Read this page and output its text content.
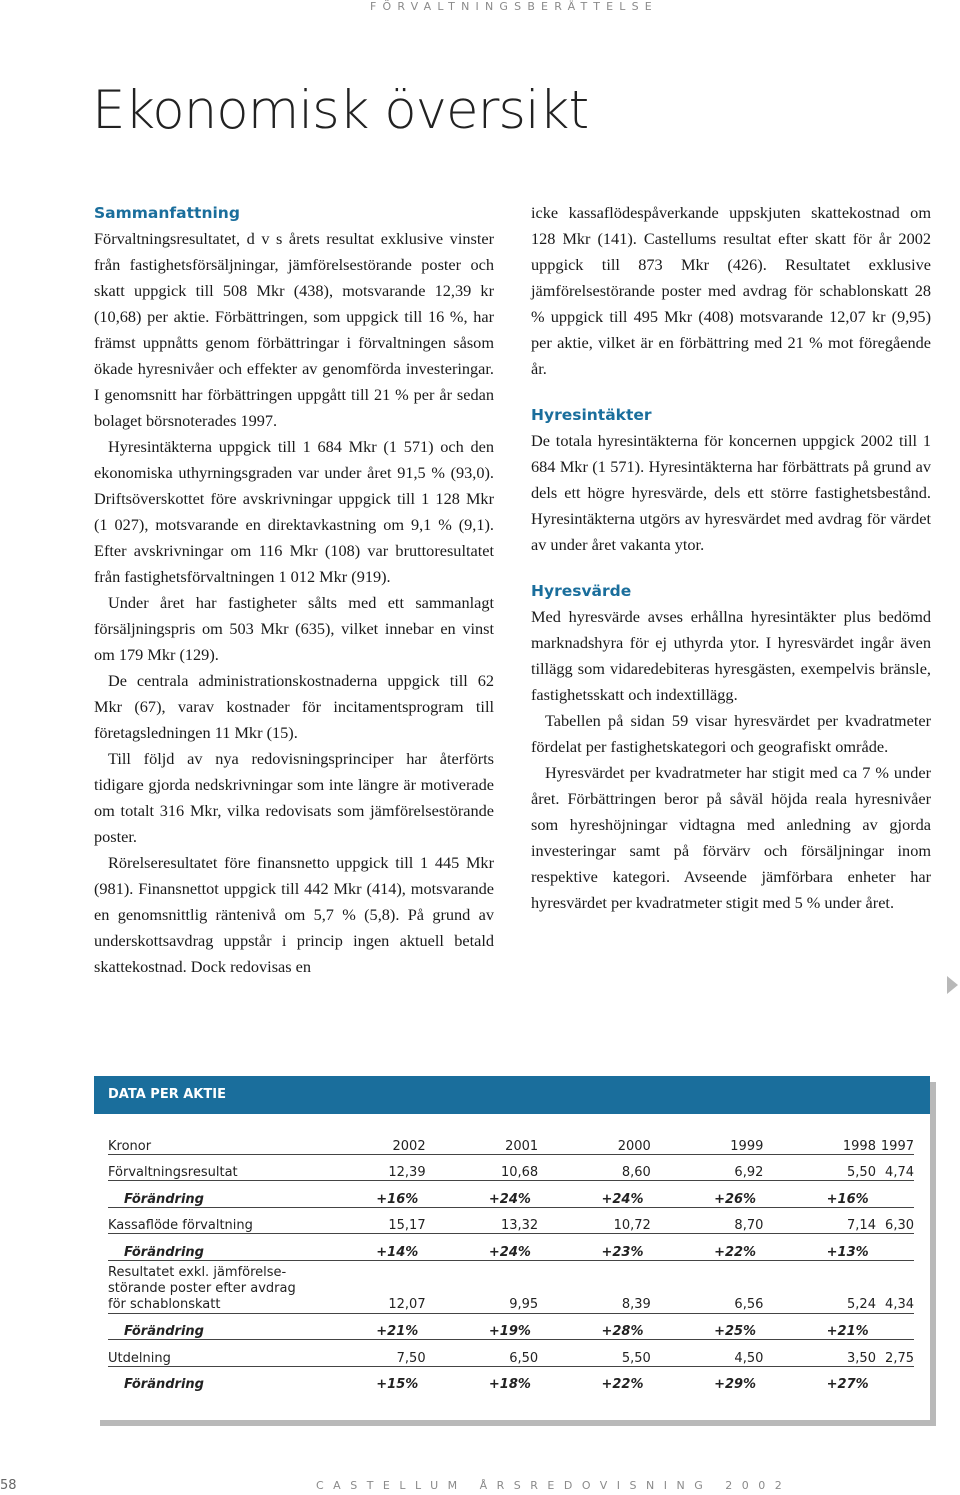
FÖRVALTNINGSBERÄTTELSE
Ekonomisk översikt
Sammanfattning

Förvaltningsresultatet, d v s årets resultat exklusive vinster från fastighetsförsäljningar, jämförelsestörande poster och skatt uppgick till 508 Mkr (438), motsvarande 12,39 kr (10,68) per aktie. Förbättringen, som uppgick till 16 %, har främst uppnåtts genom förbättringar i förvaltningen såsom ökade hyresnivåer och effekter av genomförda investeringar. I genomsnitt har förbättringen uppgått till 21 % per år sedan bolaget börsnoterades 1997.

Hyresintäkterna uppgick till 1 684 Mkr (1 571) och den ekonomiska uthyrningsgraden var under året 91,5 % (93,0). Driftsöverskottet före avskrivningar uppgick till 1 128 Mkr (1 027), motsvarande en direktavkastning om 9,1 % (9,1). Efter avskrivningar om 116 Mkr (108) var bruttoresultatet från fastighetsförvaltningen 1 012 Mkr (919).

Under året har fastigheter sålts med ett sammanlagt försäljningspris om 503 Mkr (635), vilket innebar en vinst om 179 Mkr (129).

De centrala administrationskostnaderna uppgick till 62 Mkr (67), varav kostnader för incitamentsprogram till företagsledningen 11 Mkr (15).

Till följd av nya redovisningsprinciper har återförts tidigare gjorda nedskrivningar som inte längre är motiverade om totalt 316 Mkr, vilka redovisats som jämförelsestörande poster.

Rörelseresultatet före finansnetto uppgick till 1 445 Mkr (981). Finansnettot uppgick till 442 Mkr (414), motsvarande en genomsnittlig räntenivå om 5,7 % (5,8). På grund av underskottsavdrag uppstår i princip ingen aktuell betald skattekostnad. Dock redovisas en

icke kassaflödespåverkande uppskjuten skattekostnad om 128 Mkr (141). Castellums resultat efter skatt för år 2002 uppgick till 873 Mkr (426). Resultatet exklusive jämförelsestörande poster med avdrag för schablonskatt 28 % uppgick till 495 Mkr (408) motsvarande 12,07 kr (9,95) per aktie, vilket är en förbättring med 21 % mot föregående år.

Hyresintäkter

De totala hyresintäkterna för koncernen uppgick 2002 till 1 684 Mkr (1 571). Hyresintäkterna har förbättrats på grund av dels ett högre hyresvärde, dels ett större fastighetsbestånd. Hyresintäkterna utgörs av hyresvärdet med avdrag för värdet av under året vakanta ytor.

Hyresvärde

Med hyresvärde avses erhållna hyresintäkter plus bedömd marknadshyra för ej uthyrda ytor. I hyresvärdet ingår även tillägg som vidaredebiteras hyresgästen, exempelvis bränsle, fastighetsskatt och indextillägg.

Tabellen på sidan 59 visar hyresvärdet per kvadratmeter fördelat per fastighetskategori och geografiskt område.

Hyresvärdet per kvadratmeter har stigit med ca 7 % under året. Förbättringen beror på såväl höjda reala hyresnivåer som hyreshöjningar vidtagna med anledning av gjorda investeringar samt på förvärv och försäljningar inom respektive kategori. Avseende jämförbara enheter har hyresvärdet per kvadratmeter stigit med 5 % under året.

DATA PER AKTIE
Kronor	2002	2001	2000	1999	1998	1997
Förvaltningsresultat	12,39	10,68	8,60	6,92	5,50	4,74
Förändring	+16%	+24%	+24%	+26%	+16%	
Kassaflöde förvaltning	15,17	13,32	10,72	8,70	7,14	6,30
Förändring	+14%	+24%	+23%	+22%	+13%	

Resultatet exkl. jämförelse-
störande poster efter avdrag
för schablonskatt	12,07	9,95	8,39	6,56	5,24	4,34
Förändring	+21%	+19%	+28%	+25%	+21%	
Utdelning	7,50	6,50	5,50	4,50	3,50	2,75
Förändring	+15%	+18%	+22%	+29%	+27%	
58	CASTELLUM ÅRSREDOVISNING 2002
